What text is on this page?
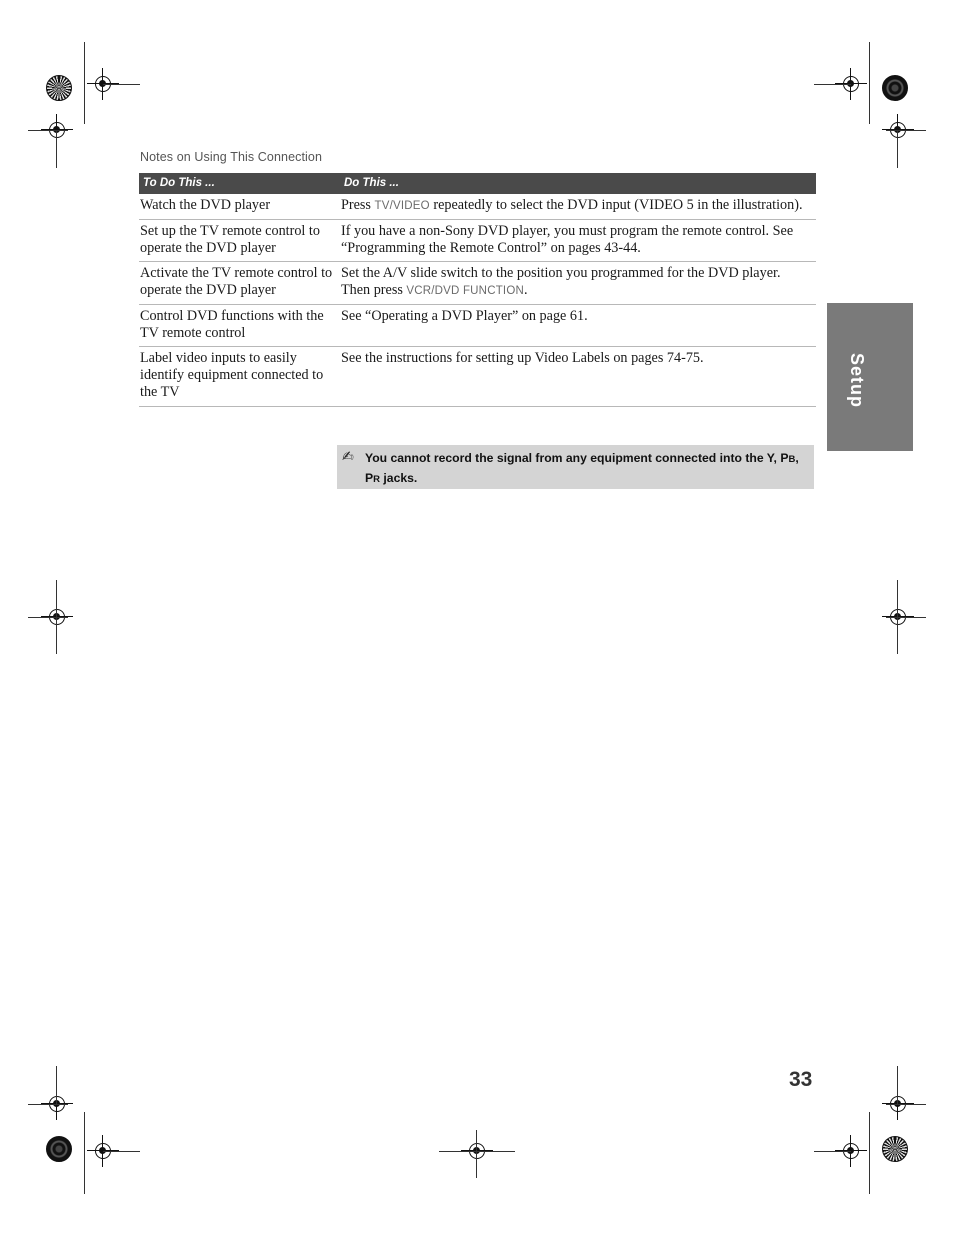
Notes on Using This Connection
To Do This ...	Do This ...
Watch the DVD player	Press TV/VIDEO repeatedly to select the DVD input (VIDEO 5 in the illustration).
Set up the TV remote control to operate the DVD player	If you have a non-Sony DVD player, you must program the remote control. See “Programming the Remote Control” on pages 43-44.
Activate the TV remote control to operate the DVD player	Set the A/V slide switch to the position you programmed for the DVD player. Then press VCR/DVD FUNCTION.
Control DVD functions with the TV remote control	See “Operating a DVD Player” on page 61.
Label video inputs to easily identify equipment connected to the TV	See the instructions for setting up Video Labels on pages 74-75.	Setup
✍ You cannot record the signal from any equipment connected into the Y, PB, PR jacks.
33
